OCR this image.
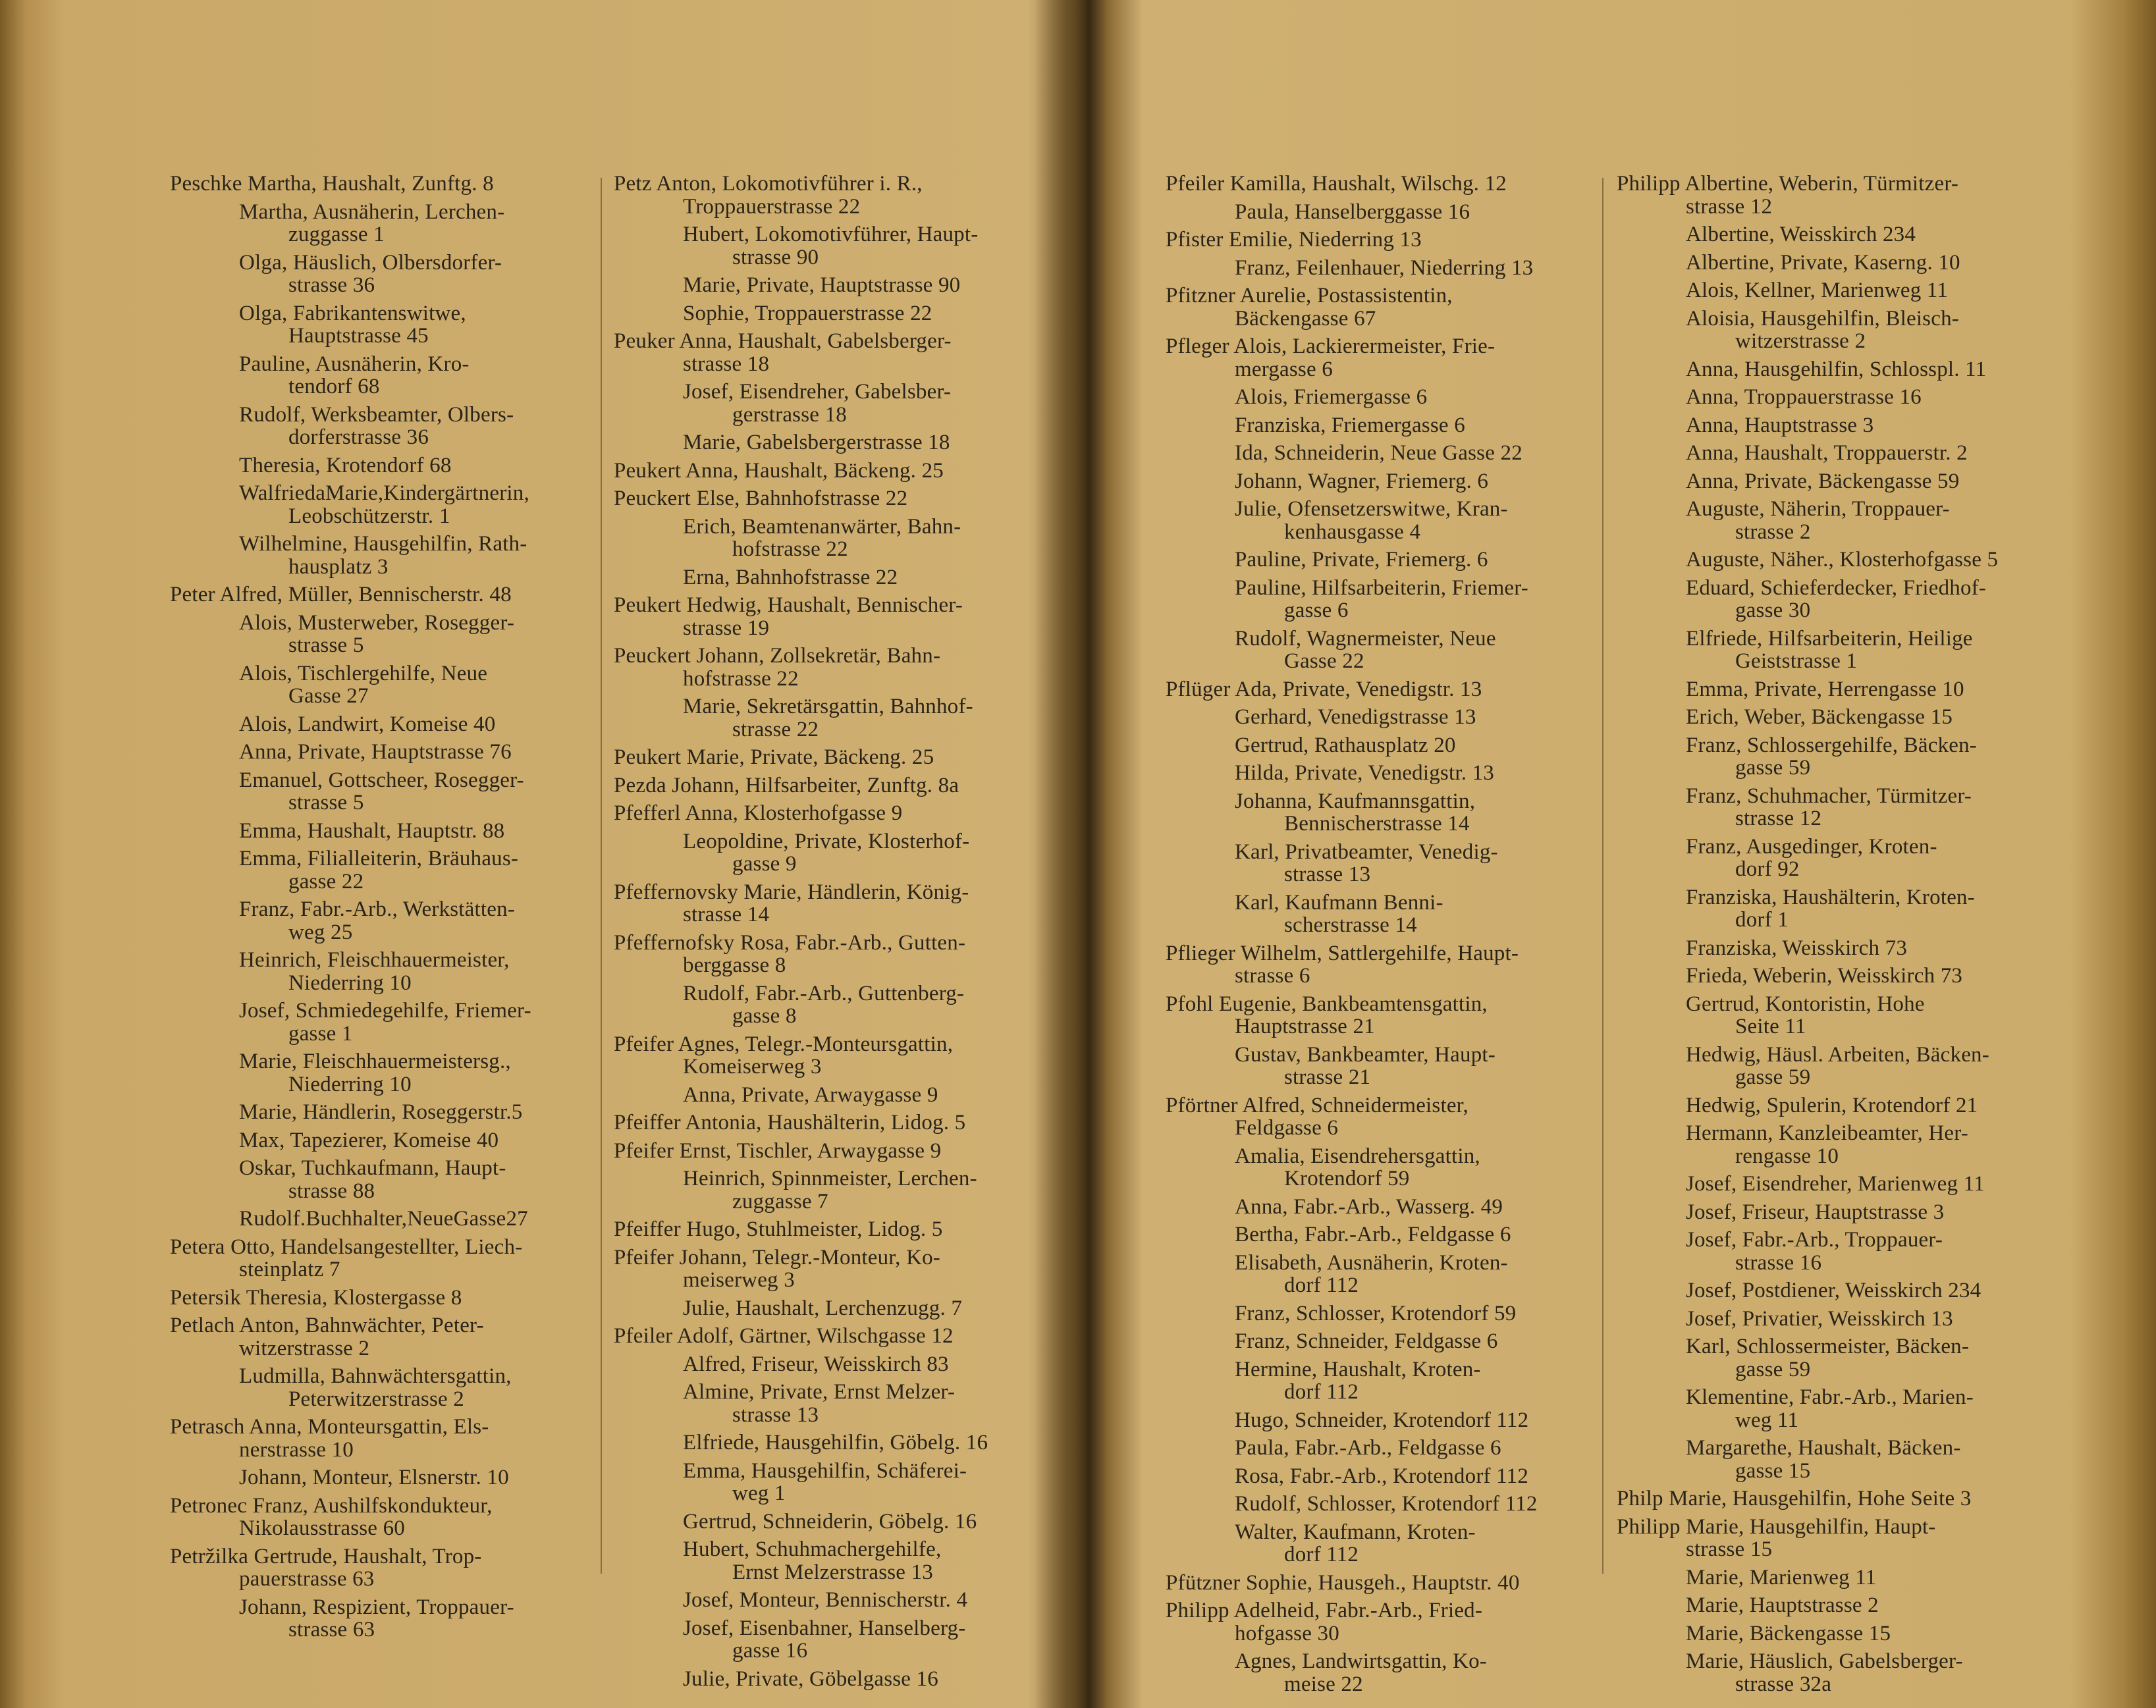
Peschke Martha, Haushalt, Zunftg. 8
Martha, Ausnäherin, Lerchen-
zuggasse 1
Olga, Häuslich, Olbersdorfer-
strasse 36
Olga, Fabrikantenswitwe,
Hauptstrasse 45
Pauline, Ausnäherin, Kro-
tendorf 68
Rudolf, Werksbeamter, Olbers-
dorferstrasse 36
Theresia, Krotendorf 68
WalfriedaMarie,Kindergärtnerin,
Leobschützerstr. 1
Wilhelmine, Hausgehilfin, Rath-
hausplatz 3
Peter Alfred, Müller, Bennischerstr. 48
Alois, Musterweber, Rosegger-
strasse 5
Alois, Tischlergehilfe, Neue
Gasse 27
Alois, Landwirt, Komeise 40
Anna, Private, Hauptstrasse 76
Emanuel, Gottscheer, Rosegger-
strasse 5
Emma, Haushalt, Hauptstr. 88
Emma, Filialleiterin, Bräuhaus-
gasse 22
Franz, Fabr.-Arb., Werkstätten-
weg 25
Heinrich, Fleischhauermeister,
Niederring 10
Josef, Schmiedegehilfe, Friemer-
gasse 1
Marie, Fleischhauermeistersg.,
Niederring 10
Marie, Händlerin, Roseggerstr.5
Max, Tapezierer, Komeise 40
Oskar, Tuchkaufmann, Haupt-
strasse 88
Rudolf.Buchhalter,NeueGasse27
Petera Otto, Handelsangestellter, Liech-
steinplatz 7
Petersik Theresia, Klostergasse 8
Petlach Anton, Bahnwächter, Peter-
witzerstrasse 2
Ludmilla, Bahnwächtersgattin,
Peterwitzerstrasse 2
Petrasch Anna, Monteursgattin, Els-
nerstrasse 10
Johann, Monteur, Elsnerstr. 10
Petronec Franz, Aushilfskondukteur,
Nikolausstrasse 60
Petržilka Gertrude, Haushalt, Trop-
pauerstrasse 63
Johann, Respizient, Troppauer-
strasse 63
Petz Anton, Lokomotivführer i. R.,
Troppauerstrasse 22
Hubert, Lokomotivführer, Haupt-
strasse 90
Marie, Private, Hauptstrasse 90
Sophie, Troppauerstrasse 22
Peuker Anna, Haushalt, Gabelsberger-
strasse 18
Josef, Eisendreher, Gabelsber-
gerstrasse 18
Marie, Gabelsbergerstrasse 18
Peukert Anna, Haushalt, Bäckeng. 25
Peuckert Else, Bahnhofstrasse 22
Erich, Beamtenanwärter, Bahn-
hofstrasse 22
Erna, Bahnhofstrasse 22
Peukert Hedwig, Haushalt, Bennischer-
strasse 19
Peuckert Johann, Zollsekretär, Bahn-
hofstrasse 22
Marie, Sekretärsgattin, Bahnhof-
strasse 22
Peukert Marie, Private, Bäckeng. 25
Pezda Johann, Hilfsarbeiter, Zunftg. 8a
Pfefferl Anna, Klosterhofgasse 9
Leopoldine, Private, Klosterhof-
gasse 9
Pfeffernovsky Marie, Händlerin, König-
strasse 14
Pfeffernofsky Rosa, Fabr.-Arb., Gutten-
berggasse 8
Rudolf, Fabr.-Arb., Guttenberg-
gasse 8
Pfeifer Agnes, Telegr.-Monteursgattin,
Komeiserweg 3
Anna, Private, Arwaygasse 9
Pfeiffer Antonia, Haushälterin, Lidog. 5
Pfeifer Ernst, Tischler, Arwaygasse 9
Heinrich, Spinnmeister, Lerchen-
zuggasse 7
Pfeiffer Hugo, Stuhlmeister, Lidog. 5
Pfeifer Johann, Telegr.-Monteur, Ko-
meiserweg 3
Julie, Haushalt, Lerchenzugg. 7
Pfeiler Adolf, Gärtner, Wilschgasse 12
Alfred, Friseur, Weisskirch 83
Almine, Private, Ernst Melzer-
strasse 13
Elfriede, Hausgehilfin, Göbelg. 16
Emma, Hausgehilfin, Schäferei-
weg 1
Gertrud, Schneiderin, Göbelg. 16
Hubert, Schuhmachergehilfe,
Ernst Melzerstrasse 13
Josef, Monteur, Bennischerstr. 4
Josef, Eisenbahner, Hanselberg-
gasse 16
Julie, Private, Göbelgasse 16
Pfeiler Kamilla, Haushalt, Wilschg. 12
Paula, Hanselberggasse 16
Pfister Emilie, Niederring 13
Franz, Feilenhauer, Niederring 13
Pfitzner Aurelie, Postassistentin,
Bäckengasse 67
Pfleger Alois, Lackierermeister, Frie-
mergasse 6
Alois, Friemergasse 6
Franziska, Friemergasse 6
Ida, Schneiderin, Neue Gasse 22
Johann, Wagner, Friemerg. 6
Julie, Ofensetzerswitwe, Kran-
kenhausgasse 4
Pauline, Private, Friemerg. 6
Pauline, Hilfsarbeiterin, Friemer-
gasse 6
Rudolf, Wagnermeister, Neue
Gasse 22
Pflüger Ada, Private, Venedigstr. 13
Gerhard, Venedigstrasse 13
Gertrud, Rathausplatz 20
Hilda, Private, Venedigstr. 13
Johanna, Kaufmannsgattin,
Bennischerstrasse 14
Karl, Privatbeamter, Venedig-
strasse 13
Karl, Kaufmann Benni-
scherstrasse 14
Pflieger Wilhelm, Sattlergehilfe, Haupt-
strasse 6
Pfohl Eugenie, Bankbeamtensgattin,
Hauptstrasse 21
Gustav, Bankbeamter, Haupt-
strasse 21
Pförtner Alfred, Schneidermeister,
Feldgasse 6
Amalia, Eisendrehersgattin,
Krotendorf 59
Anna, Fabr.-Arb., Wasserg. 49
Bertha, Fabr.-Arb., Feldgasse 6
Elisabeth, Ausnäherin, Kroten-
dorf 112
Franz, Schlosser, Krotendorf 59
Franz, Schneider, Feldgasse 6
Hermine, Haushalt, Kroten-
dorf 112
Hugo, Schneider, Krotendorf 112
Paula, Fabr.-Arb., Feldgasse 6
Rosa, Fabr.-Arb., Krotendorf 112
Rudolf, Schlosser, Krotendorf 112
Walter, Kaufmann, Kroten-
dorf 112
Pfützner Sophie, Hausgeh., Hauptstr. 40
Philipp Adelheid, Fabr.-Arb., Fried-
hofgasse 30
Agnes, Landwirtsgattin, Ko-
meise 22
Philipp Albertine, Weberin, Türmitzer-
strasse 12
Albertine, Weisskirch 234
Albertine, Private, Kaserng. 10
Alois, Kellner, Marienweg 11
Aloisia, Hausgehilfin, Bleisch-
witzerstrasse 2
Anna, Hausgehilfin, Schlosspl. 11
Anna, Troppauerstrasse 16
Anna, Hauptstrasse 3
Anna, Haushalt, Troppauerstr. 2
Anna, Private, Bäckengasse 59
Auguste, Näherin, Troppauer-
strasse 2
Auguste, Näher., Klosterhofgasse 5
Eduard, Schieferdecker, Friedhof-
gasse 30
Elfriede, Hilfsarbeiterin, Heilige
Geiststrasse 1
Emma, Private, Herrengasse 10
Erich, Weber, Bäckengasse 15
Franz, Schlossergehilfe, Bäcken-
gasse 59
Franz, Schuhmacher, Türmitzer-
strasse 12
Franz, Ausgedinger, Kroten-
dorf 92
Franziska, Haushälterin, Kroten-
dorf 1
Franziska, Weisskirch 73
Frieda, Weberin, Weisskirch 73
Gertrud, Kontoristin, Hohe
Seite 11
Hedwig, Häusl. Arbeiten, Bäcken-
gasse 59
Hedwig, Spulerin, Krotendorf 21
Hermann, Kanzleibeamter, Her-
rengasse 10
Josef, Eisendreher, Marienweg 11
Josef, Friseur, Hauptstrasse 3
Josef, Fabr.-Arb., Troppauer-
strasse 16
Josef, Postdiener, Weisskirch 234
Josef, Privatier, Weisskirch 13
Karl, Schlossermeister, Bäcken-
gasse 59
Klementine, Fabr.-Arb., Marien-
weg 11
Margarethe, Haushalt, Bäcken-
gasse 15
Philp Marie, Hausgehilfin, Hohe Seite 3
Philipp Marie, Hausgehilfin, Haupt-
strasse 15
Marie, Marienweg 11
Marie, Hauptstrasse 2
Marie, Bäckengasse 15
Marie, Häuslich, Gabelsberger-
strasse 32a
